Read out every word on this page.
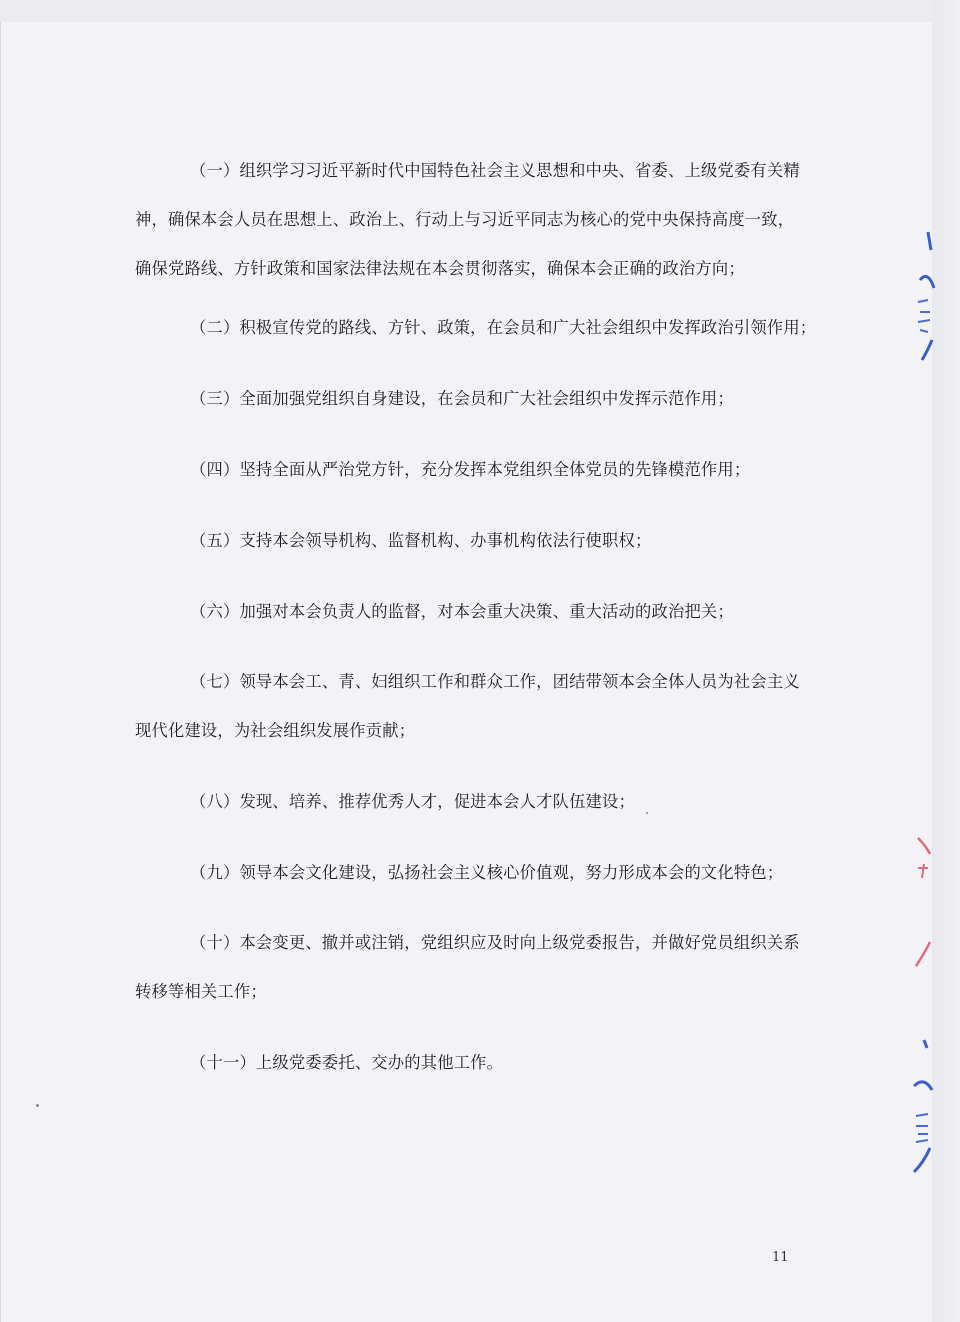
（一）组织学习习近平新时代中国特色社会主义思想和中央、省委、上级党委有关精
神，确保本会人员在思想上、政治上、行动上与习近平同志为核心的党中央保持高度一致，
确保党路线、方针政策和国家法律法规在本会贯彻落实，确保本会正确的政治方向；
（二）积极宣传党的路线、方针、政策，在会员和广大社会组织中发挥政治引领作用；
（三）全面加强党组织自身建设，在会员和广大社会组织中发挥示范作用；
（四）坚持全面从严治党方针，充分发挥本党组织全体党员的先锋模范作用；
（五）支持本会领导机构、监督机构、办事机构依法行使职权；
（六）加强对本会负责人的监督，对本会重大决策、重大活动的政治把关；
（七）领导本会工、青、妇组织工作和群众工作，团结带领本会全体人员为社会主义
现代化建设，为社会组织发展作贡献；
（八）发现、培养、推荐优秀人才，促进本会人才队伍建设；
（九）领导本会文化建设，弘扬社会主义核心价值观，努力形成本会的文化特色；
（十）本会变更、撤并或注销，党组织应及时向上级党委报告，并做好党员组织关系
转移等相关工作；
（十一）上级党委委托、交办的其他工作。
11
